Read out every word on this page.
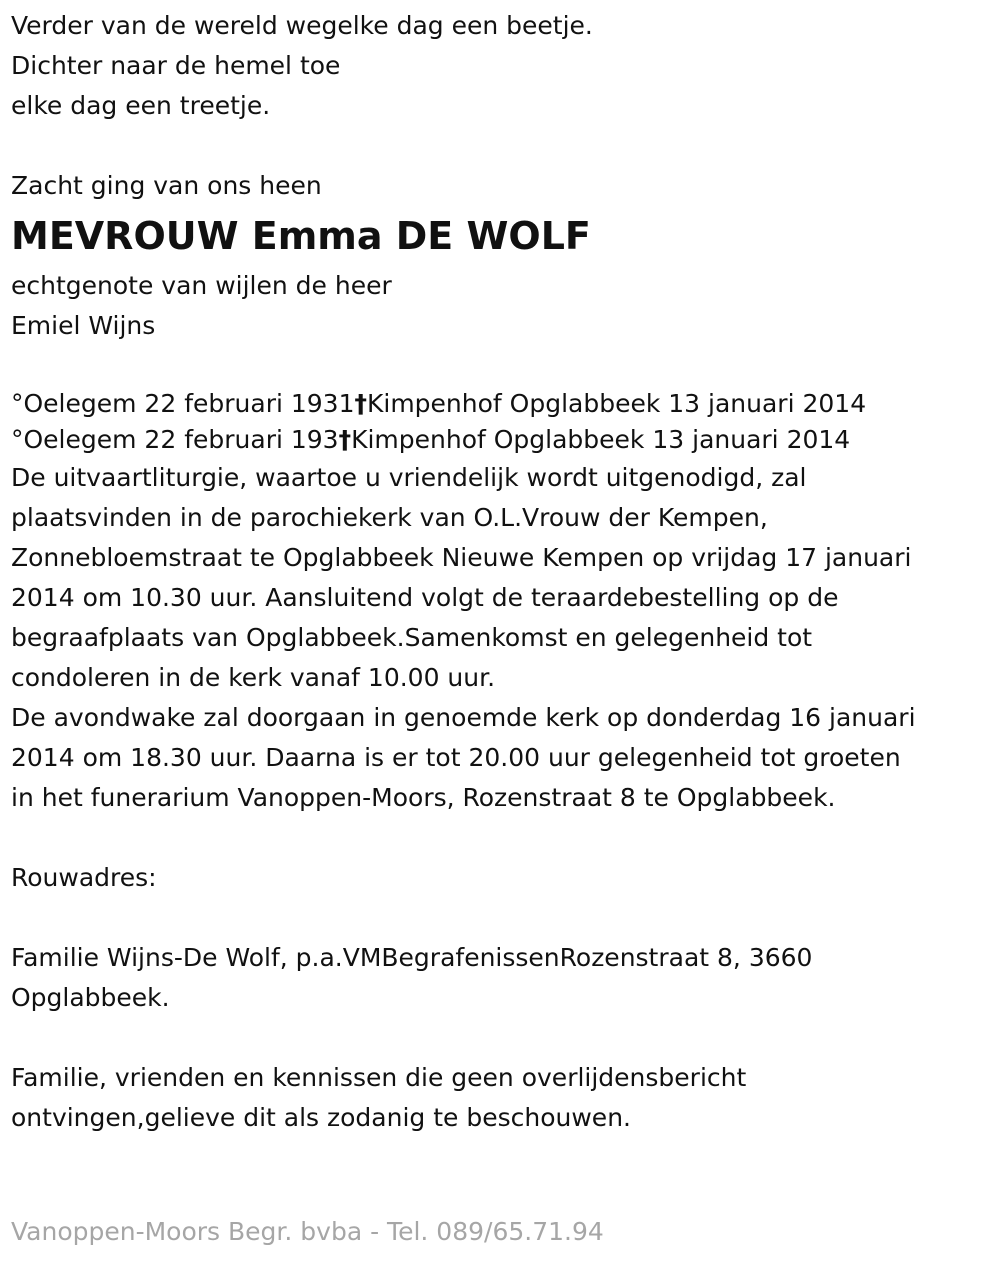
Verder van de wereld wegelke dag een beetje.
Dichter naar de hemel toe
elke dag een treetje.
Zacht ging van ons heen
MEVROUW Emma DE WOLF
echtgenote van wijlen de heer
Emiel Wijns
°Oelegem 22 februari 1931†Kimpenhof Opglabbeek 13 januari 2014
°Oelegem 22 februari 193†Kimpenhof Opglabbeek 13 januari 2014
De uitvaartliturgie, waartoe u vriendelijk wordt uitgenodigd, zal
plaatsvinden in de parochiekerk van O.L.Vrouw der Kempen,
Zonnebloemstraat te Opglabbeek Nieuwe Kempen op vrijdag 17 januari
2014 om 10.30 uur. Aansluitend volgt de teraardebestelling op de
begraafplaats van Opglabbeek.Samenkomst en gelegenheid tot
condoleren in de kerk vanaf 10.00 uur.
De avondwake zal doorgaan in genoemde kerk op donderdag 16 januari
2014 om 18.30 uur. Daarna is er tot 20.00 uur gelegenheid tot groeten
in het funerarium Vanoppen-Moors, Rozenstraat 8 te Opglabbeek.
Rouwadres:
Familie Wijns-De Wolf, p.a.VMBegrafenissenRozenstraat 8, 3660
Opglabbeek.
Familie, vrienden en kennissen die geen overlijdensbericht
ontvingen,gelieve dit als zodanig te beschouwen.
Vanoppen-Moors Begr. bvba - Tel. 089/65.71.94
